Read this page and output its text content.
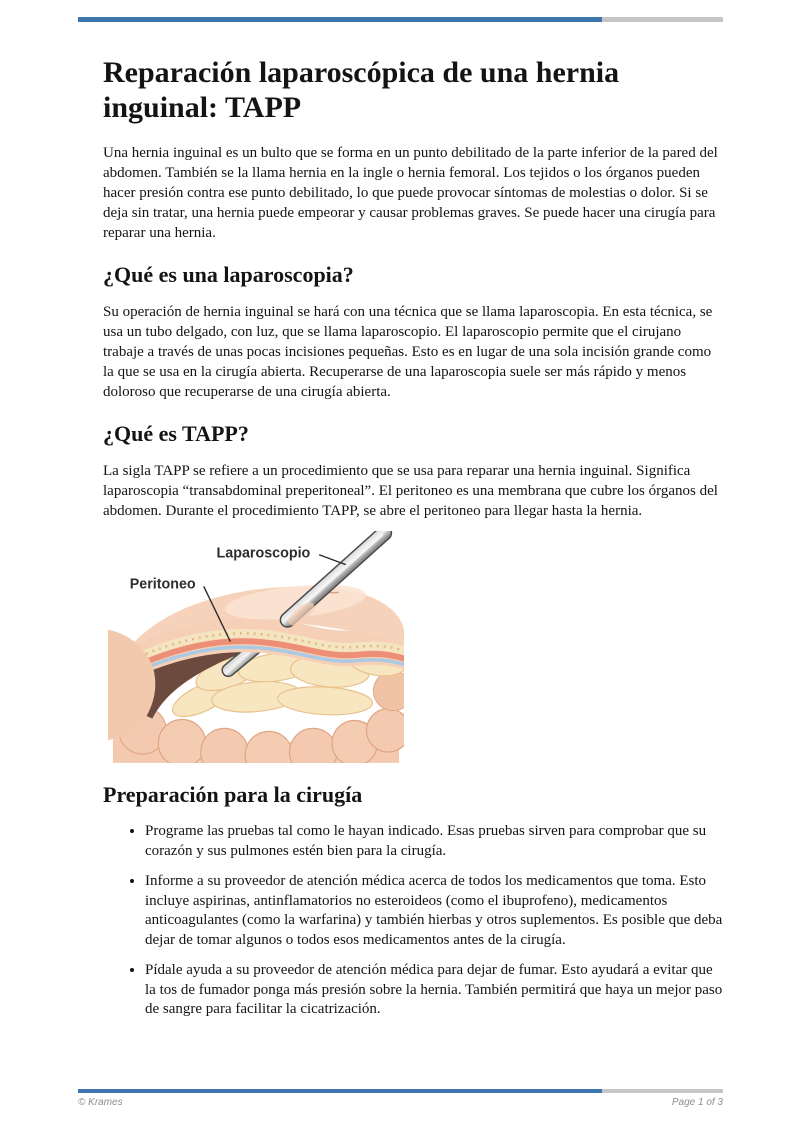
Reparación laparoscópica de una hernia inguinal: TAPP

Una hernia inguinal es un bulto que se forma en un punto debilitado de la parte inferior de la pared del abdomen. También se la llama hernia en la ingle o hernia femoral. Los tejidos o los órganos pueden hacer presión contra ese punto debilitado, lo que puede provocar síntomas de molestias o dolor. Si se deja sin tratar, una hernia puede empeorar y causar problemas graves. Se puede hacer una cirugía para reparar una hernia.

¿Qué es una laparoscopia?

Su operación de hernia inguinal se hará con una técnica que se llama laparoscopia. En esta técnica, se usa un tubo delgado, con luz, que se llama laparoscopio. El laparoscopio permite que el cirujano trabaje a través de unas pocas incisiones pequeñas. Esto es en lugar de una sola incisión grande como la que se usa en la cirugía abierta. Recuperarse de una laparoscopia suele ser más rápido y menos doloroso que recuperarse de una cirugía abierta.

¿Qué es TAPP?

La sigla TAPP se refiere a un procedimiento que se usa para reparar una hernia inguinal. Significa laparoscopia “transabdominal preperitoneal”. El peritoneo es una membrana que cubre los órganos del abdomen. Durante el procedimiento TAPP, se abre el peritoneo para llegar hasta la hernia.

Laparoscopio
Peritoneo
Preparación para la cirugía
• Programe las pruebas tal como le hayan indicado. Esas pruebas sirven para comprobar que su corazón y sus pulmones estén bien para la cirugía.
• Informe a su proveedor de atención médica acerca de todos los medicamentos que toma. Esto incluye aspirinas, antinflamatorios no esteroideos (como el ibuprofeno), medicamentos anticoagulantes (como la warfarina) y también hierbas y otros suplementos. Es posible que deba dejar de tomar algunos o todos esos medicamentos antes de la cirugía.
• Pídale ayuda a su proveedor de atención médica para dejar de fumar. Esto ayudará a evitar que la tos de fumador ponga más presión sobre la hernia. También permitirá que haya un mejor paso de sangre para facilitar la cicatrización.
© Krames	Page 1 of 3
